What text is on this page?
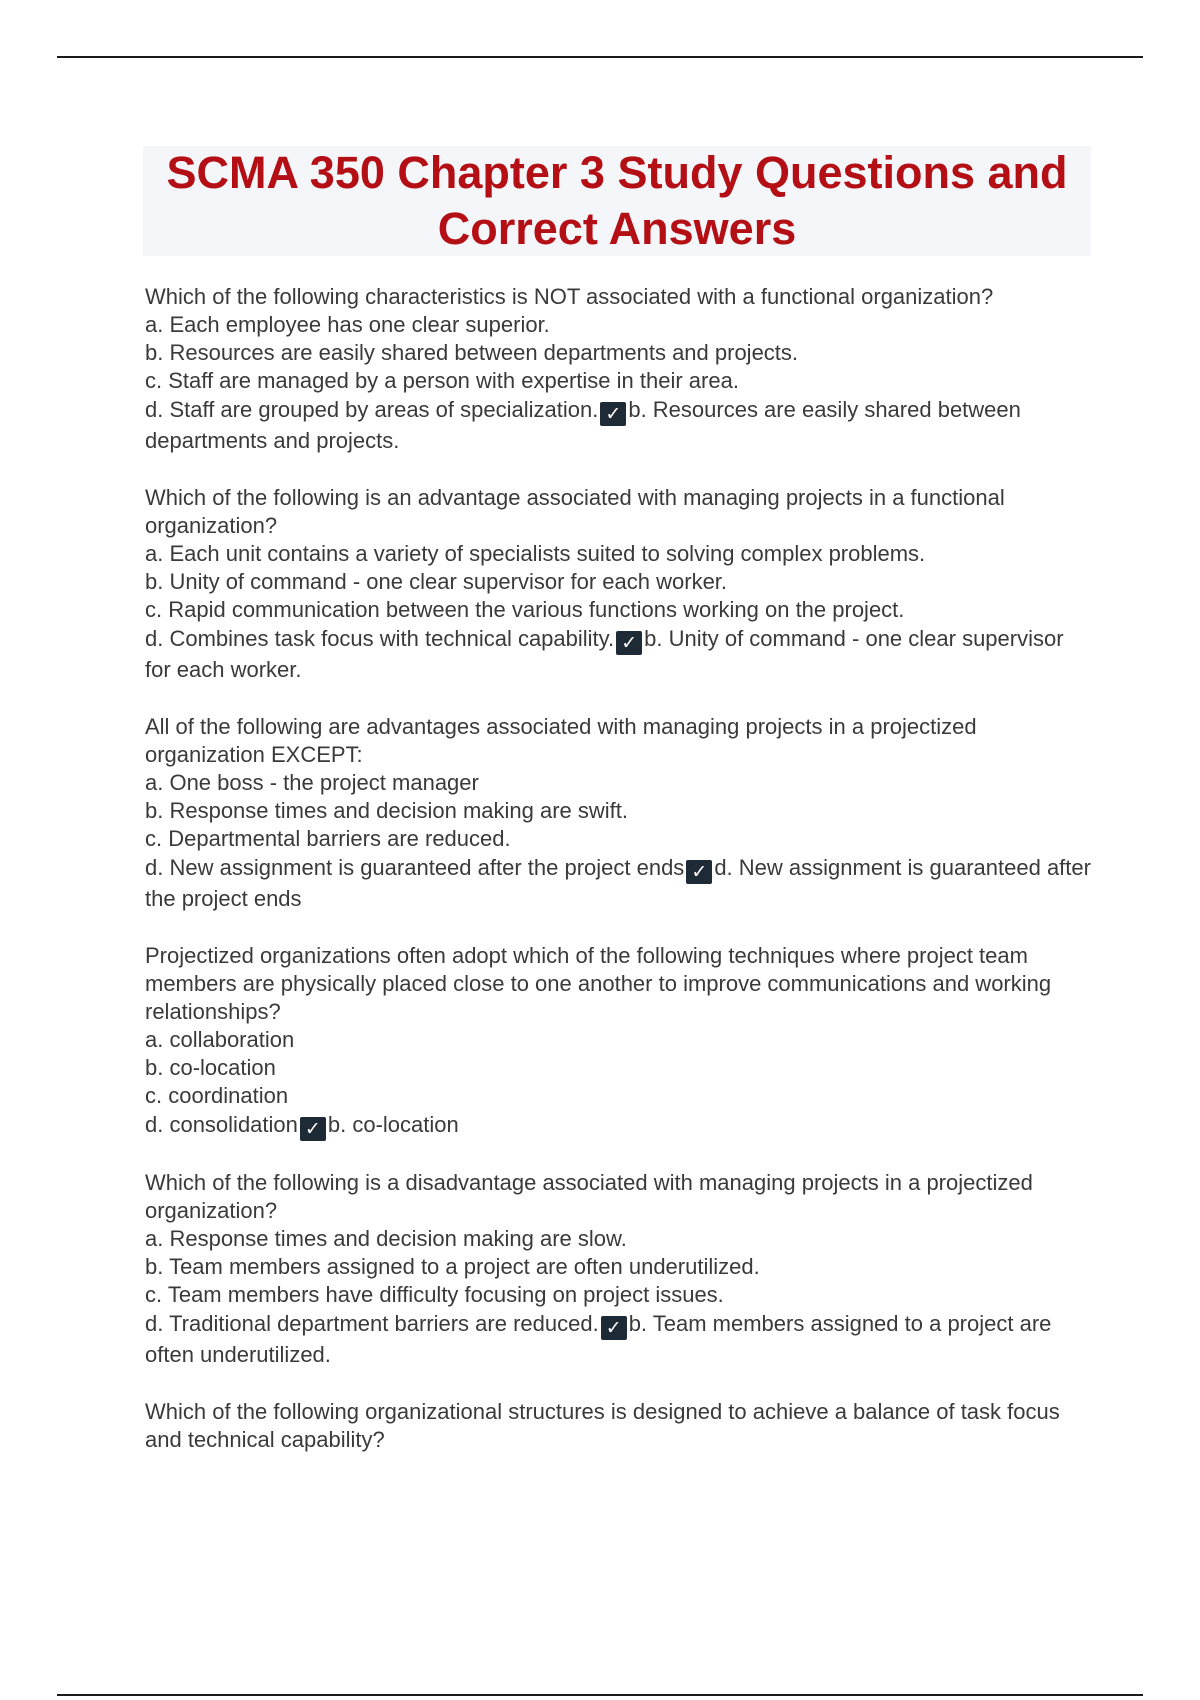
SCMA 350 Chapter 3 Study Questions and Correct Answers
Which of the following characteristics is NOT associated with a functional organization?
a. Each employee has one clear superior.
b. Resources are easily shared between departments and projects.
c. Staff are managed by a person with expertise in their area.
d. Staff are grouped by areas of specialization. ✓ b. Resources are easily shared between departments and projects.
Which of the following is an advantage associated with managing projects in a functional organization?
a. Each unit contains a variety of specialists suited to solving complex problems.
b. Unity of command - one clear supervisor for each worker.
c. Rapid communication between the various functions working on the project.
d. Combines task focus with technical capability. ✓ b. Unity of command - one clear supervisor for each worker.
All of the following are advantages associated with managing projects in a projectized organization EXCEPT:
a. One boss - the project manager
b. Response times and decision making are swift.
c. Departmental barriers are reduced.
d. New assignment is guaranteed after the project ends ✓ d. New assignment is guaranteed after the project ends
Projectized organizations often adopt which of the following techniques where project team members are physically placed close to one another to improve communications and working relationships?
a. collaboration
b. co-location
c. coordination
d. consolidation ✓ b. co-location
Which of the following is a disadvantage associated with managing projects in a projectized organization?
a. Response times and decision making are slow.
b. Team members assigned to a project are often underutilized.
c. Team members have difficulty focusing on project issues.
d. Traditional department barriers are reduced. ✓ b. Team members assigned to a project are often underutilized.
Which of the following organizational structures is designed to achieve a balance of task focus and technical capability?
